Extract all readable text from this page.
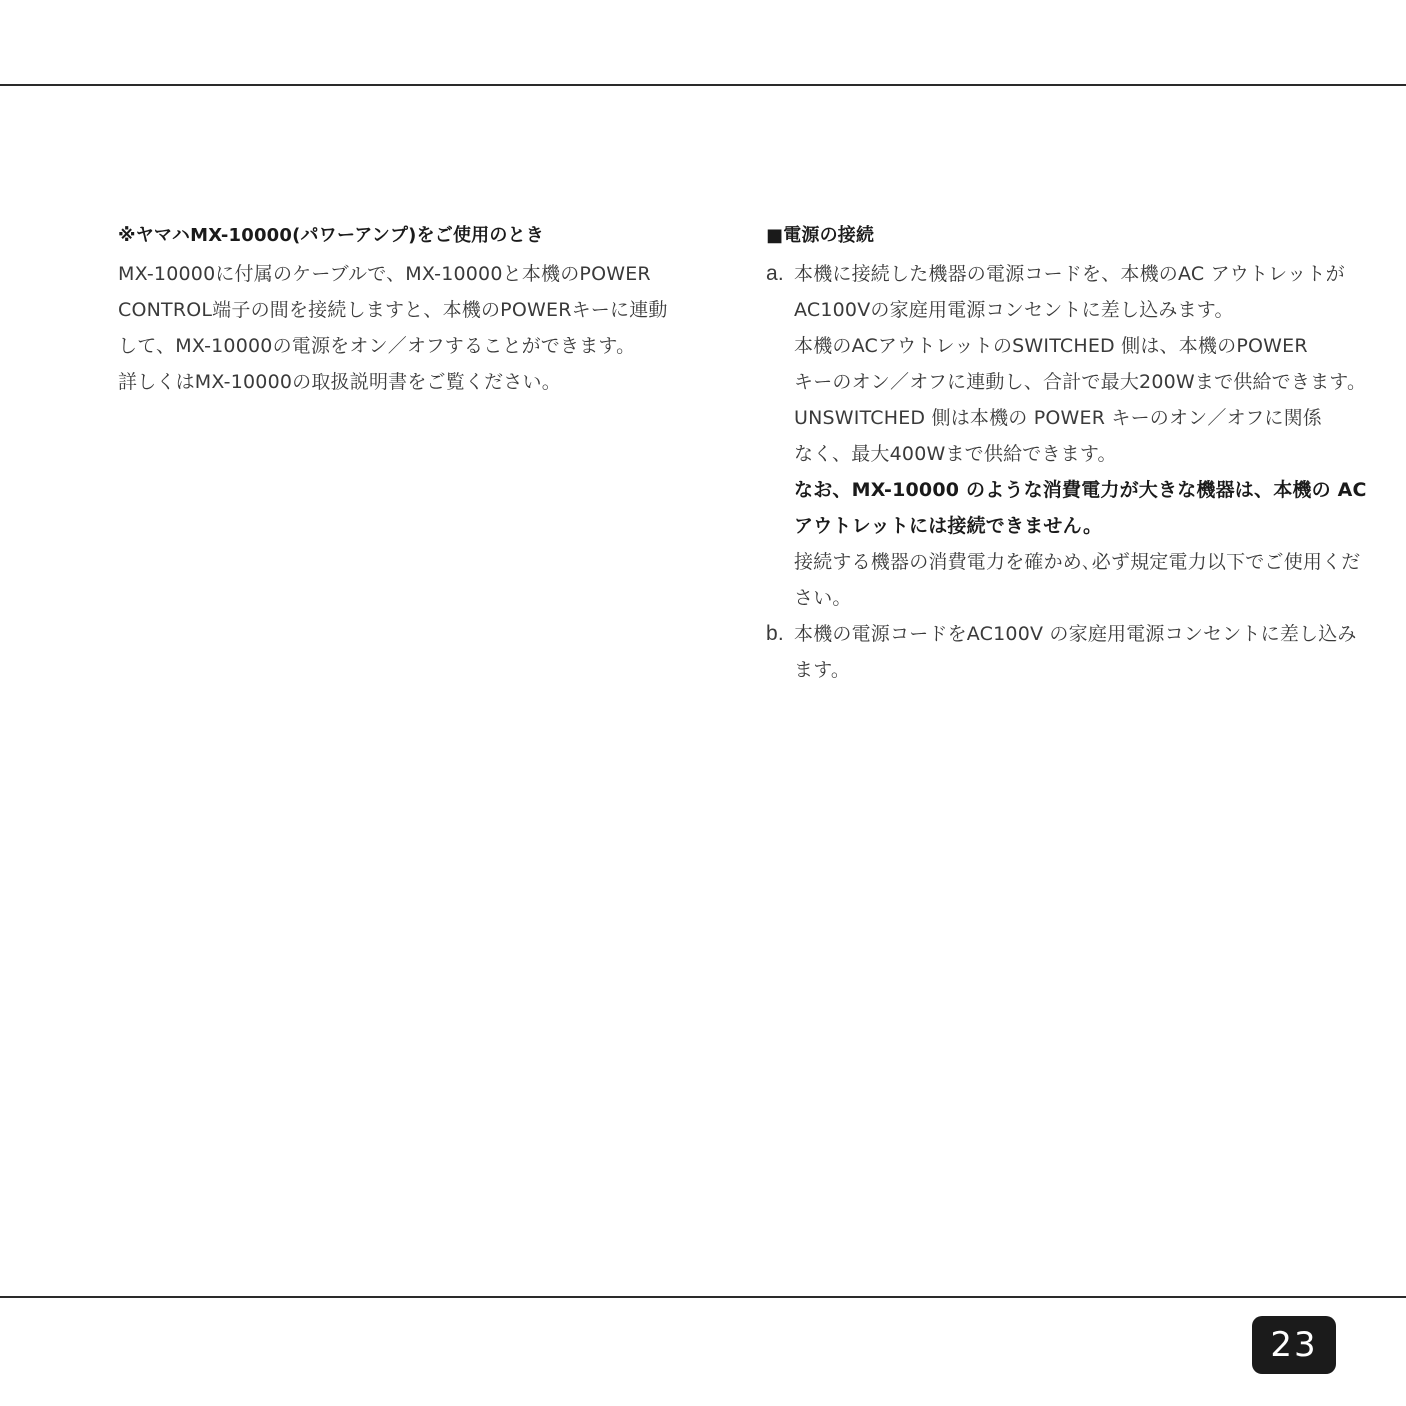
※ヤマハMX-10000(パワーアンプ)をご使用のとき
MX-10000に付属のケーブルで、MX-10000と本機のPOWER
CONTROL端子の間を接続しますと、本機のPOWERキーに連動
して、MX-10000の電源をオン／オフすることができます。
詳しくはMX-10000の取扱説明書をご覧ください。
■電源の接続
a. 本機に接続した機器の電源コードを、本機のAC アウトレットが
AC100Vの家庭用電源コンセントに差し込みます。
本機のACアウトレットのSWITCHED 側は、本機のPOWER
キーのオン／オフに連動し、合計で最大200Wまで供給できます。
UNSWITCHED 側は本機の POWER キーのオン／オフに関係
なく、最大400Wまで供給できます。
なお、MX-10000 のような消費電力が大きな機器は、本機の AC
アウトレットには接続できません。
接続する機器の消費電力を確かめ､必ず規定電力以下でご使用くだ
さい。
b. 本機の電源コードをAC100V の家庭用電源コンセントに差し込み
ます。
23
